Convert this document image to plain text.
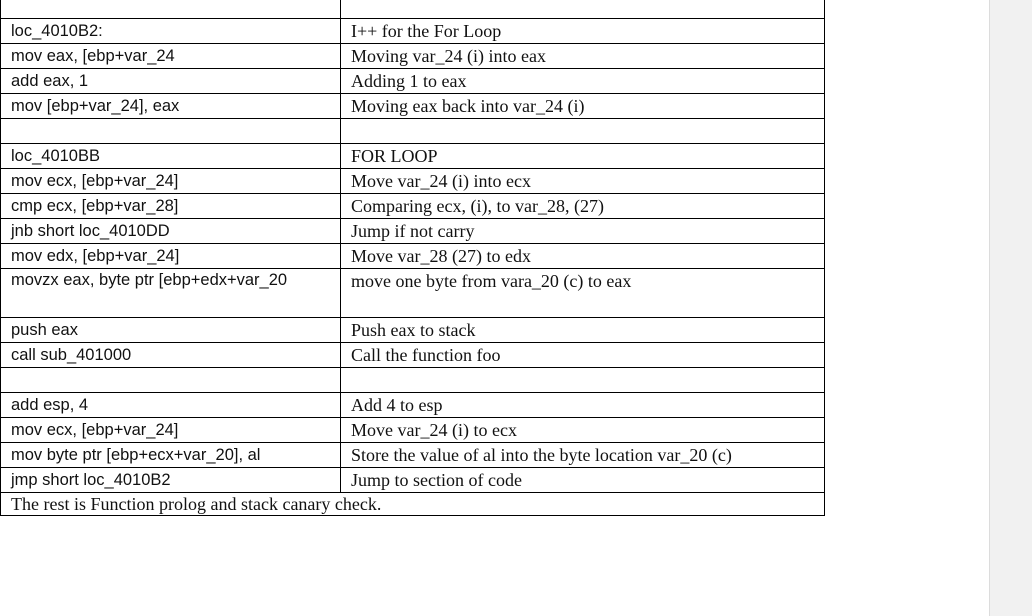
loc_4010B2:	I++ for the For Loop
mov eax, [ebp+var_24	Moving var_24 (i) into eax
add eax, 1	Adding 1 to eax
mov [ebp+var_24], eax	Moving eax back into var_24 (i)

loc_4010BB	FOR LOOP
mov ecx, [ebp+var_24]	Move var_24 (i) into ecx
cmp ecx, [ebp+var_28]	Comparing ecx, (i), to var_28, (27)
jnb short loc_4010DD	Jump if not carry
mov edx, [ebp+var_24]	Move var_28 (27) to edx
movzx eax, byte ptr [ebp+edx+var_20	move one byte from vara_20 (c) to eax
push eax	Push eax to stack
call sub_401000	Call the function foo

add esp, 4	Add 4 to esp
mov ecx, [ebp+var_24]	Move var_24 (i) to ecx
mov byte ptr [ebp+ecx+var_20], al	Store the value of al into the byte location var_20 (c)
jmp short loc_4010B2	Jump to section of code
The rest is Function prolog and stack canary check.	
